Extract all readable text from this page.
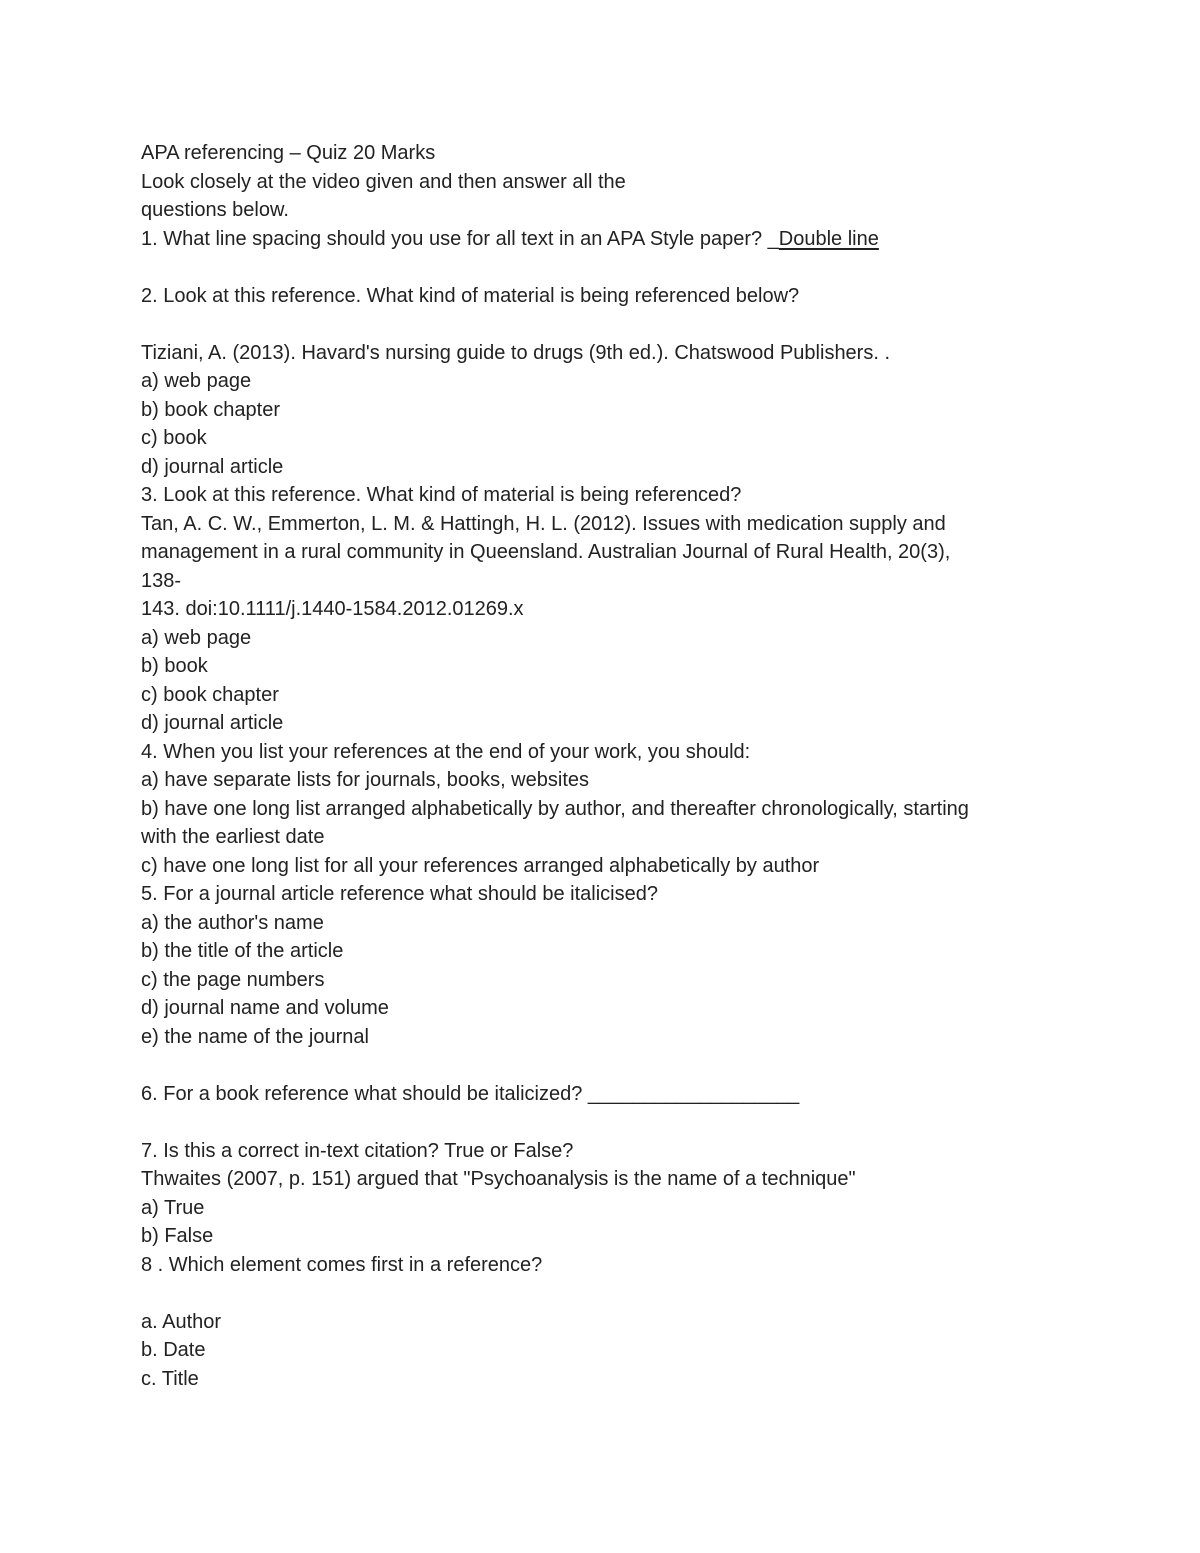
APA referencing – Quiz 20 Marks

Look closely at the video given and then answer all the

questions below.

1. What line spacing should you use for all text in an APA Style paper? _Double line

2. Look at this reference. What kind of material is being referenced below?

Tiziani, A. (2013). Havard's nursing guide to drugs (9th ed.). Chatswood Publishers. .

a) web page

b) book chapter

c) book

d) journal article

3. Look at this reference. What kind of material is being referenced?

Tan, A. C. W., Emmerton, L. M. & Hattingh, H. L. (2012). Issues with medication supply and

management in a rural community in Queensland. Australian Journal of Rural Health, 20(3),

138-

143. doi:10.1111/j.1440-1584.2012.01269.x

a) web page

b) book

c) book chapter

d) journal article

4. When you list your references at the end of your work, you should:

a) have separate lists for journals, books, websites

b) have one long list arranged alphabetically by author, and thereafter chronologically, starting

with the earliest date

c) have one long list for all your references arranged alphabetically by author

5. For a journal article reference what should be italicised?

a) the author's name

b) the title of the article

c) the page numbers

d) journal name and volume

e) the name of the journal

6. For a book reference what should be italicized? ___________________

7. Is this a correct in-text citation? True or False?

Thwaites (2007, p. 151) argued that "Psychoanalysis is the name of a technique"

a) True

b) False

8 . Which element comes first in a reference?

a. Author

b. Date

c. Title
